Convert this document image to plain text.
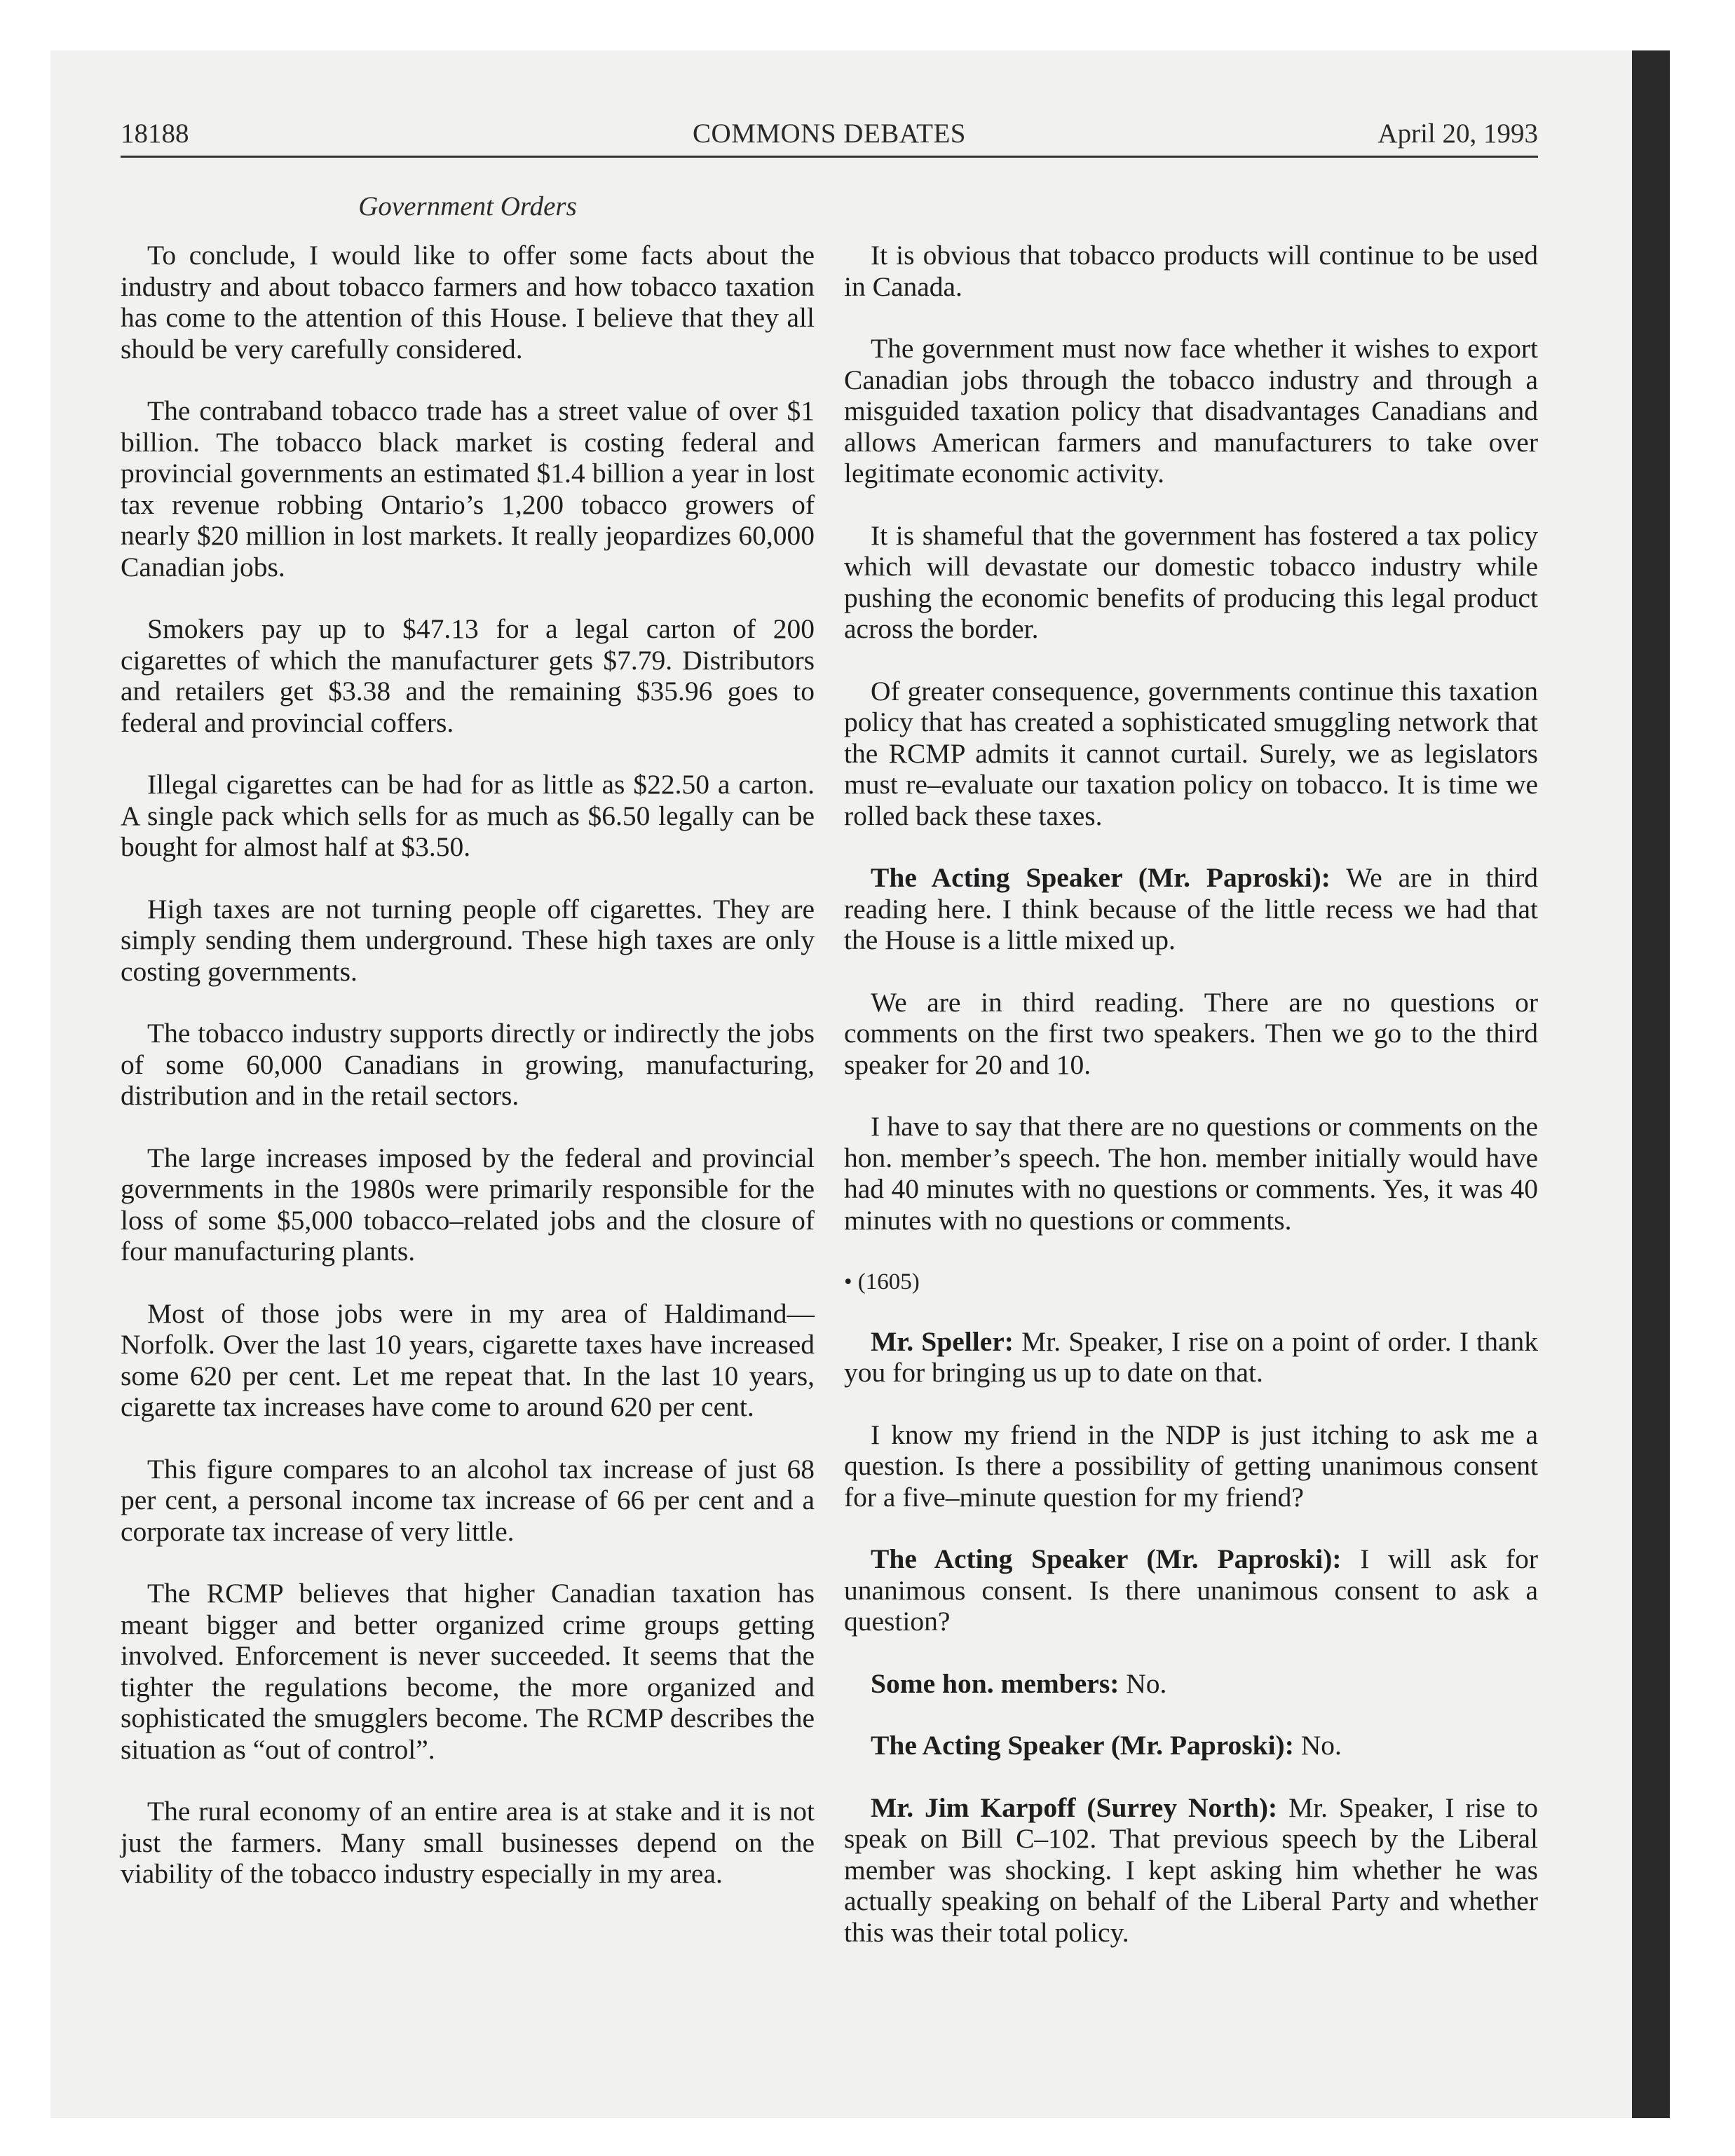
18188	COMMONS DEBATES	April 20, 1993
Government Orders

To conclude, I would like to offer some facts about the industry and about tobacco farmers and how tobacco taxation has come to the attention of this House. I believe that they all should be very carefully considered.

The contraband tobacco trade has a street value of over $1 billion. The tobacco black market is costing federal and provincial governments an estimated $1.4 billion a year in lost tax revenue robbing Ontario’s 1,200 tobacco growers of nearly $20 million in lost markets. It really jeopardizes 60,000 Canadian jobs.

Smokers pay up to $47.13 for a legal carton of 200 cigarettes of which the manufacturer gets $7.79. Distributors and retailers get $3.38 and the remaining $35.96 goes to federal and provincial coffers.

Illegal cigarettes can be had for as little as $22.50 a carton. A single pack which sells for as much as $6.50 legally can be bought for almost half at $3.50.

High taxes are not turning people off cigarettes. They are simply sending them underground. These high taxes are only costing governments.

The tobacco industry supports directly or indirectly the jobs of some 60,000 Canadians in growing, manufacturing, distribution and in the retail sectors.

The large increases imposed by the federal and provincial governments in the 1980s were primarily responsible for the loss of some $5,000 tobacco–related jobs and the closure of four manufacturing plants.

Most of those jobs were in my area of Haldimand—Norfolk. Over the last 10 years, cigarette taxes have increased some 620 per cent. Let me repeat that. In the last 10 years, cigarette tax increases have come to around 620 per cent.

This figure compares to an alcohol tax increase of just 68 per cent, a personal income tax increase of 66 per cent and a corporate tax increase of very little.

The RCMP believes that higher Canadian taxation has meant bigger and better organized crime groups getting involved. Enforcement is never succeeded. It seems that the tighter the regulations become, the more organized and sophisticated the smugglers become. The RCMP describes the situation as “out of control”.

The rural economy of an entire area is at stake and it is not just the farmers. Many small businesses depend on the viability of the tobacco industry especially in my area.

It is obvious that tobacco products will continue to be used in Canada.

The government must now face whether it wishes to export Canadian jobs through the tobacco industry and through a misguided taxation policy that disadvantages Canadians and allows American farmers and manufacturers to take over legitimate economic activity.

It is shameful that the government has fostered a tax policy which will devastate our domestic tobacco industry while pushing the economic benefits of producing this legal product across the border.

Of greater consequence, governments continue this taxation policy that has created a sophisticated smuggling network that the RCMP admits it cannot curtail. Surely, we as legislators must re–evaluate our taxation policy on tobacco. It is time we rolled back these taxes.

The Acting Speaker (Mr. Paproski): We are in third reading here. I think because of the little recess we had that the House is a little mixed up.

We are in third reading. There are no questions or comments on the first two speakers. Then we go to the third speaker for 20 and 10.

I have to say that there are no questions or comments on the hon. member’s speech. The hon. member initially would have had 40 minutes with no questions or comments. Yes, it was 40 minutes with no questions or comments.

• (1605)

Mr. Speller: Mr. Speaker, I rise on a point of order. I thank you for bringing us up to date on that.

I know my friend in the NDP is just itching to ask me a question. Is there a possibility of getting unanimous consent for a five–minute question for my friend?

The Acting Speaker (Mr. Paproski): I will ask for unanimous consent. Is there unanimous consent to ask a question?

Some hon. members: No.

The Acting Speaker (Mr. Paproski): No.

Mr. Jim Karpoff (Surrey North): Mr. Speaker, I rise to speak on Bill C–102. That previous speech by the Liberal member was shocking. I kept asking him whether he was actually speaking on behalf of the Liberal Party and whether this was their total policy.
